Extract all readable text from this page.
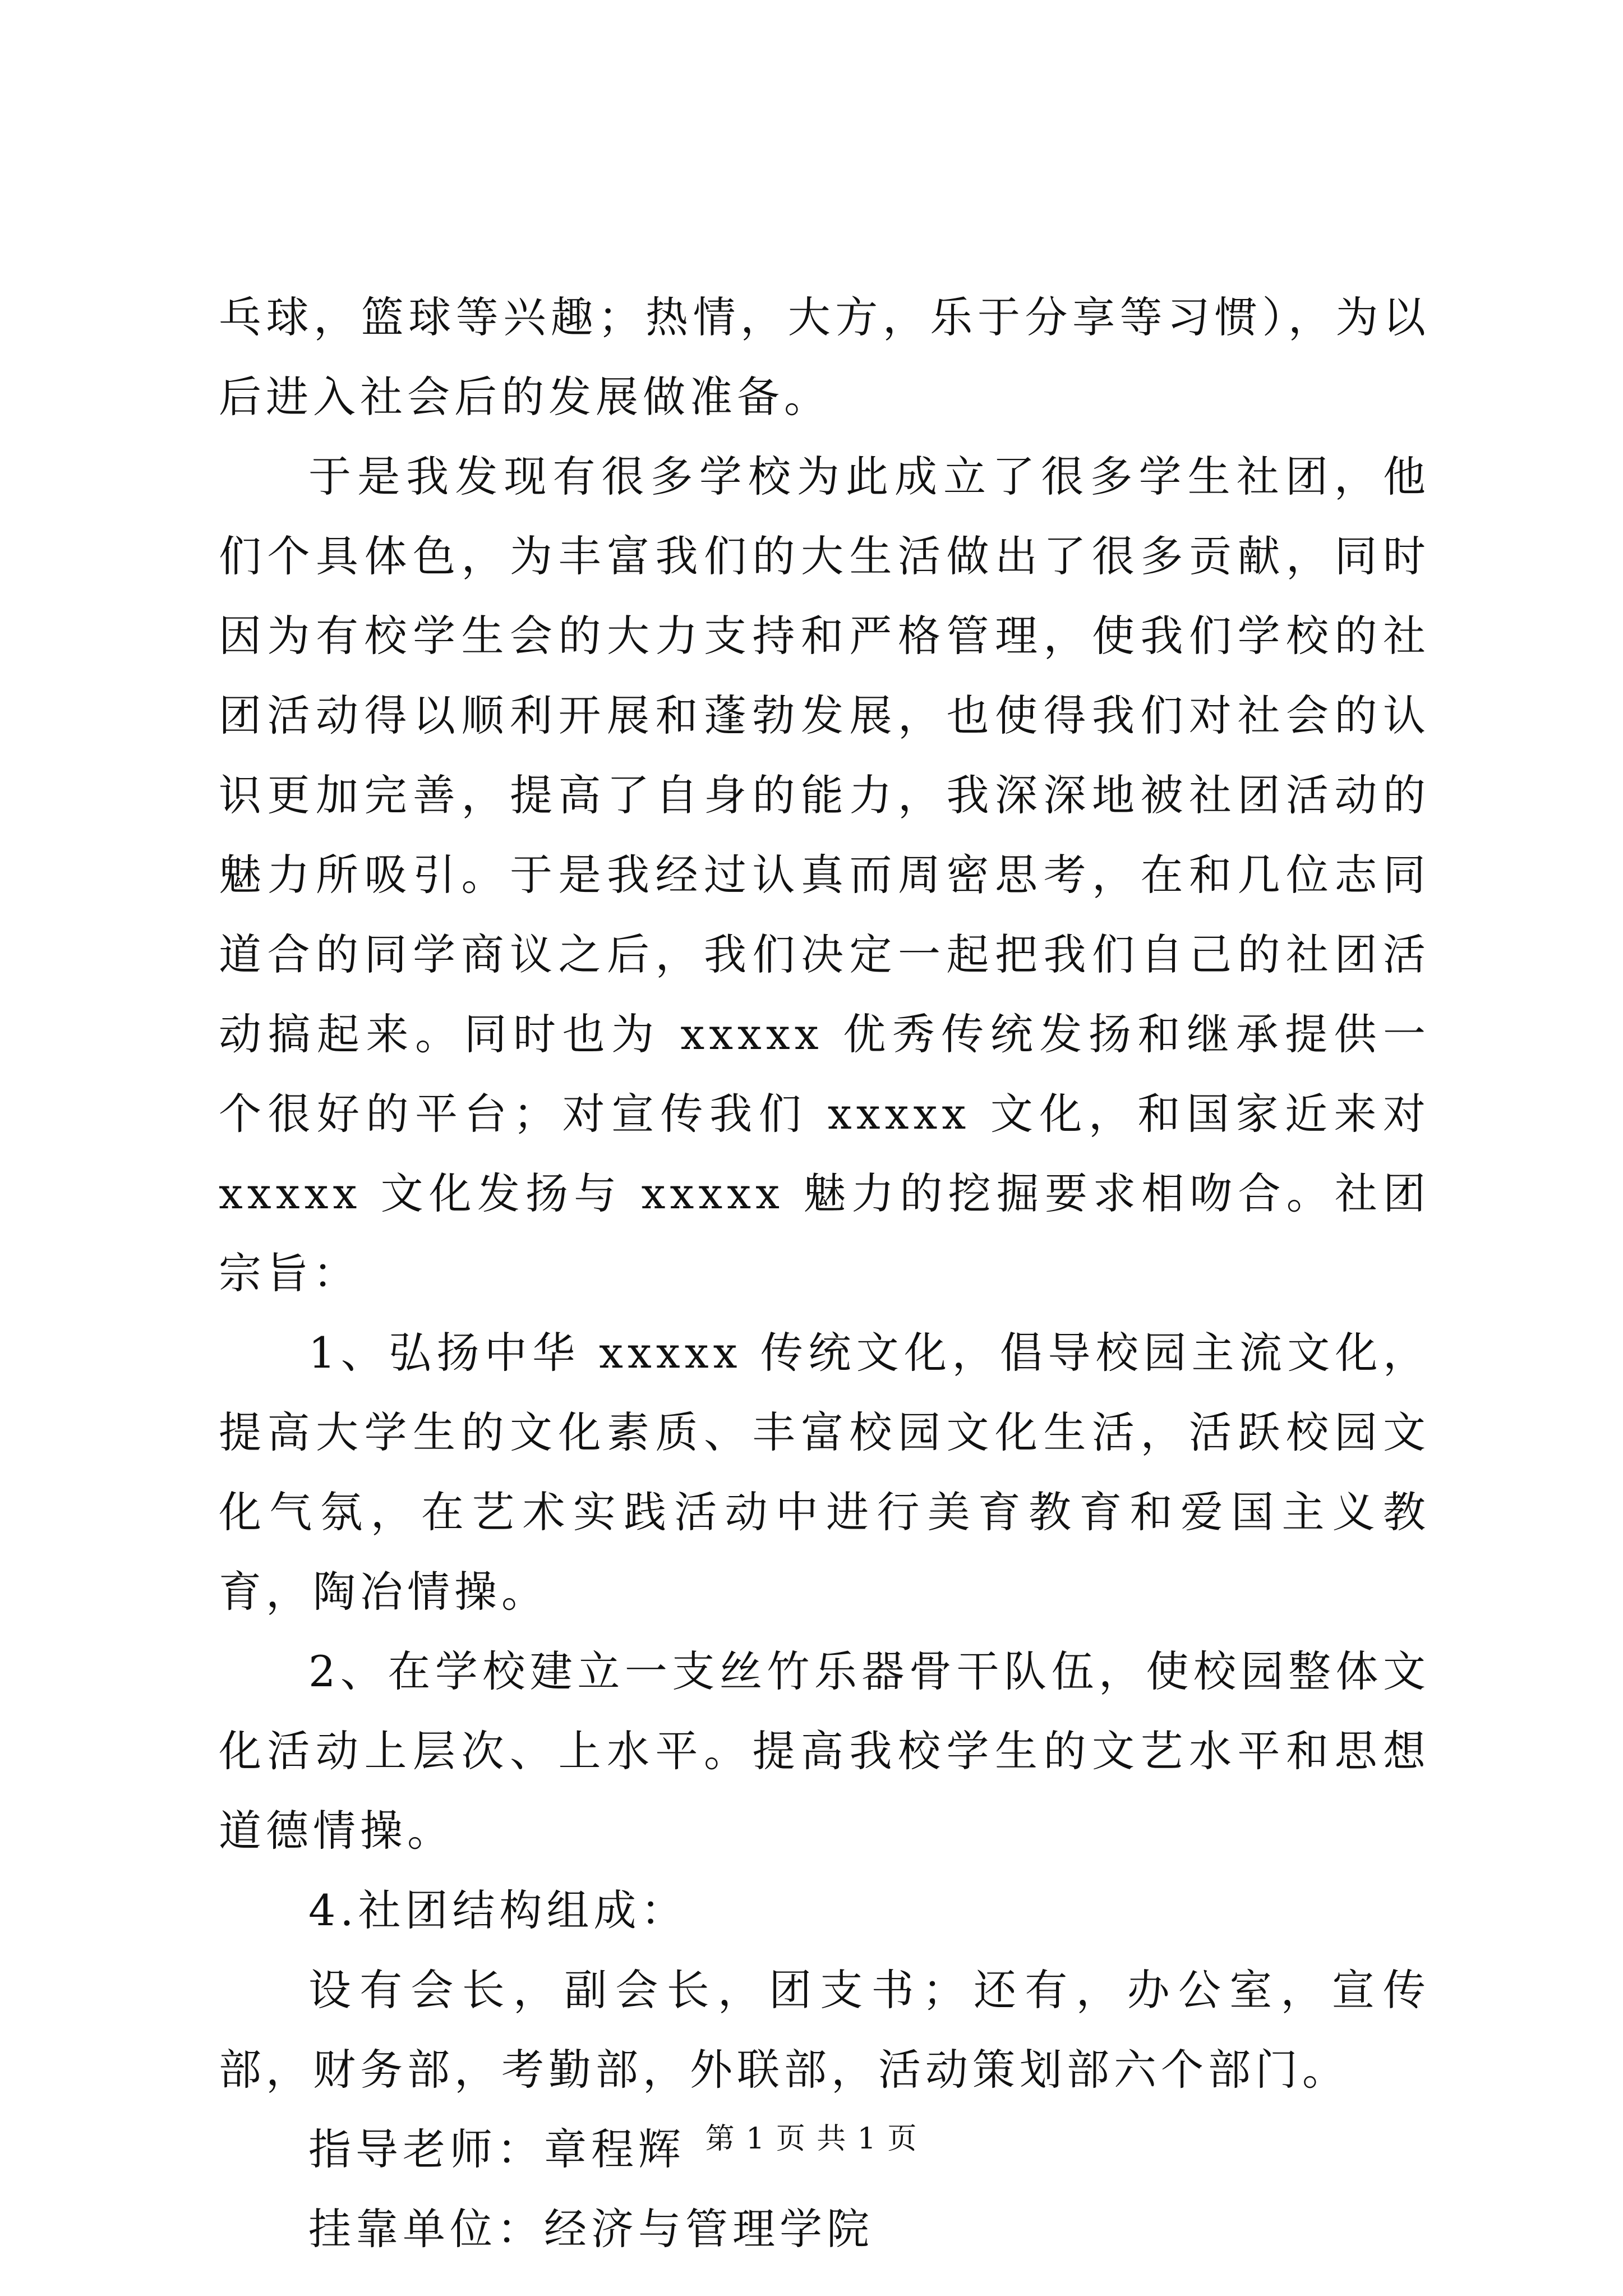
乓球，篮球等兴趣；热情，大方，乐于分享等习惯），为以后进入社会后的发展做准备。

于是我发现有很多学校为此成立了很多学生社团，他们个具体色，为丰富我们的大生活做出了很多贡献，同时因为有校学生会的大力支持和严格管理，使我们学校的社团活动得以顺利开展和蓬勃发展，也使得我们对社会的认识更加完善，提高了自身的能力，我深深地被社团活动的魅力所吸引。于是我经过认真而周密思考，在和几位志同道合的同学商议之后，我们决定一起把我们自己的社团活动搞起来。同时也为 xxxxx 优秀传统发扬和继承提供一个很好的平台；对宣传我们 xxxxx 文化，和国家近来对 xxxxx 文化发扬与 xxxxx 魅力的挖掘要求相吻合。社团宗旨：

1、弘扬中华 xxxxx 传统文化，倡导校园主流文化，提高大学生的文化素质、丰富校园文化生活，活跃校园文化气氛，在艺术实践活动中进行美育教育和爱国主义教育，陶冶情操。

2、在学校建立一支丝竹乐器骨干队伍，使校园整体文化活动上层次、上水平。提高我校学生的文艺水平和思想道德情操。

4.社团结构组成：

设有会长，副会长，团支书；还有，办公室，宣传部，财务部，考勤部，外联部，活动策划部六个部门。

指导老师：章程辉

挂靠单位：经济与管理学院

第 1 页 共 1 页
